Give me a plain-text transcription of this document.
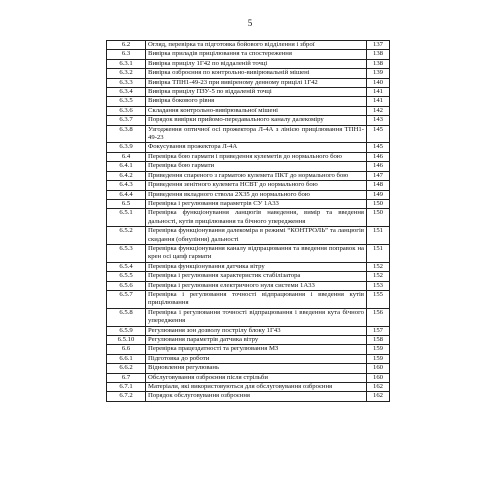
5
6.2	Огляд, перевірка та підготовка бойового відділення і зброї	137
6.3	Вивірка приладів прицілювання та спостереження	138
6.3.1	Вивірка прицілу 1Г42 по віддаленій точці	138
6.3.2	Вивірка озброєння по контрольно-вивірювальній мішені	139
6.3.3	Вивірка ТПН1-49-23 при вивіреному денному прицілі 1Г42	140
6.3.4	Вивірка прицілу ПЗУ-5 по віддаленій точці	141
6.3.5	Вивірка бокового рівня	141
6.3.6	Складання контрольно-вивірювальної мішені	142
6.3.7	Порядок вивірки прийомо-передавального каналу далекоміру	143
6.3.8	Узгодження оптичної осі прожектора Л-4А з лінією прицілювання ТПН1-49-23	145
6.3.9	Фокусування прожектора Л-4А	145
6.4	Перевірка бою гармати і приведення кулеметів до нормального бою	146
6.4.1	Перевірка бою гармати	146
6.4.2	Приведення спареного з гарматою кулемета ПКТ до нормального бою	147
6.4.3	Приведення зенітного кулемета НСВТ до нормального бою	148
6.4.4	Приведення вкладного ствола 2Х35 до нормального бою	149
6.5	Перевірка і регулювання параметрів СУ 1А33	150
6.5.1	Перевірка функціонування ланцюгів наведення, вимір та введення дальності, кутів прицілювання та бічного упередження	150
6.5.2	Перевірка функціонування далекоміра в режимі “КОНТРОЛЬ” та ланцюгів скидання (обнуління) дальності	151
6.5.3	Перевірка функціонування каналу відпрацювання та введення поправок на крен осі цапф гармати	151
6.5.4	Перевірка функціонування датчика вітру	152
6.5.5	Перевірка і регулювання характеристик стабілізатора	152
6.5.6	Перевірка і регулювання електричного нуля системи 1А33	153
6.5.7	Перевірка і регулювання точності відпрацювання і введення кутів прицілювання	155
6.5.8	Перевірка і регулювання точності відпрацювання і введення кута бічного упередження	156
6.5.9	Регулювання зон дозволу пострілу блоку 1Г43	157
6.5.10	Регулювання параметрів датчика вітру	158
6.6	Перевірка працездатності та регулювання МЗ	159
6.6.1	Підготовка до роботи	159
6.6.2	Відновлення регулювань	160
6.7	Обслуговування озброєння після стрільби	160
6.7.1	Матеріали, які використовуються для обслуговування озброєння	162
6.7.2	Порядок обслуговування озброєння	162
